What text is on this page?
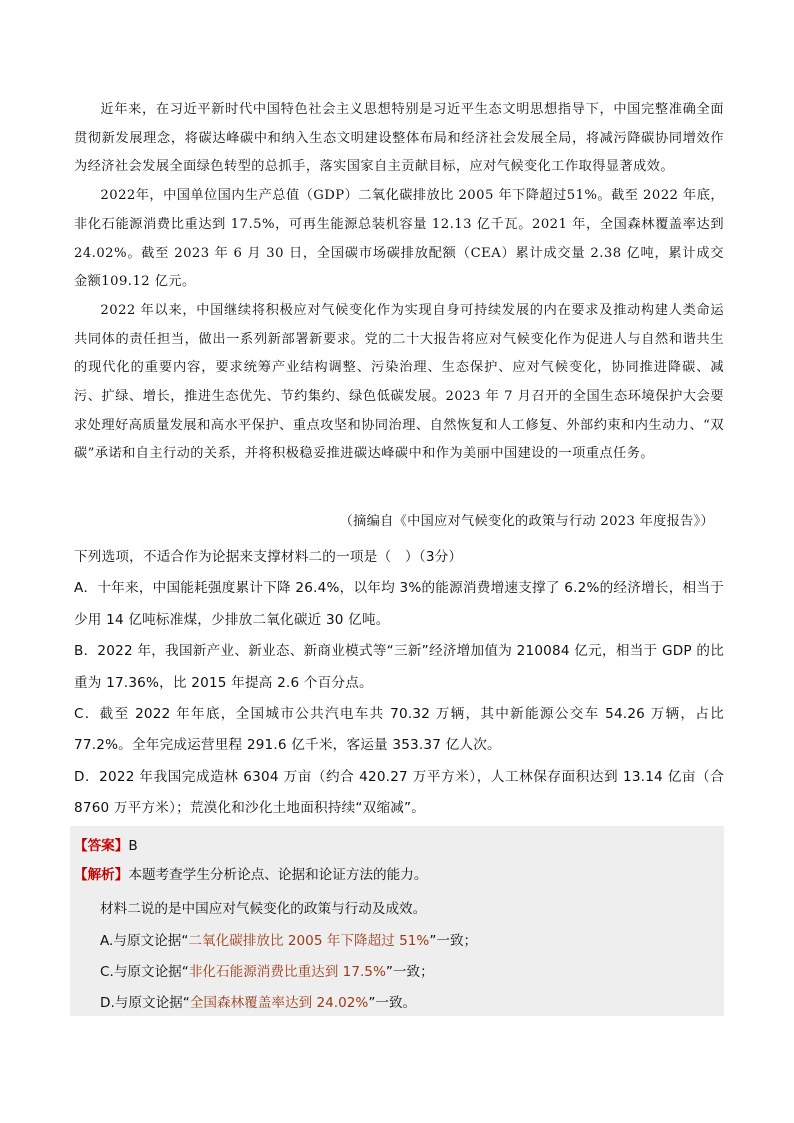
近年来，在习近平新时代中国特色社会主义思想特别是习近平生态文明思想指导下，中国完整准确全面贯彻新发展理念，将碳达峰碳中和纳入生态文明建设整体布局和经济社会发展全局，将减污降碳协同增效作为经济社会发展全面绿色转型的总抓手，落实国家自主贡献目标，应对气候变化工作取得显著成效。

2022年，中国单位国内生产总值（GDP）二氧化碳排放比 2005 年下降超过51%。截至 2022 年底，非化石能源消费比重达到 17.5%，可再生能源总装机容量 12.13 亿千瓦。2021 年，全国森林覆盖率达到24.02%。截至 2023 年 6 月 30 日，全国碳市场碳排放配额（CEA）累计成交量 2.38 亿吨，累计成交金额109.12 亿元。

2022 年以来，中国继续将积极应对气候变化作为实现自身可持续发展的内在要求及推动构建人类命运共同体的责任担当，做出一系列新部署新要求。党的二十大报告将应对气候变化作为促进人与自然和谐共生的现代化的重要内容，要求统筹产业结构调整、污染治理、生态保护、应对气候变化，协同推进降碳、减污、扩绿、增长，推进生态优先、节约集约、绿色低碳发展。2023 年 7 月召开的全国生态环境保护大会要求处理好高质量发展和高水平保护、重点攻坚和协同治理、自然恢复和人工修复、外部约束和内生动力、“双碳”承诺和自主行动的关系，并将积极稳妥推进碳达峰碳中和作为美丽中国建设的一项重点任务。

（摘编自《中国应对气候变化的政策与行动 2023 年度报告》）

下列选项，不适合作为论据来支撑材料二的一项是（　）（3分）

A．十年来，中国能耗强度累计下降 26.4%，以年均 3%的能源消费增速支撑了 6.2%的经济增长，相当于少用 14 亿吨标准煤，少排放二氧化碳近 30 亿吨。

B．2022 年，我国新产业、新业态、新商业模式等“三新”经济增加值为 210084 亿元，相当于 GDP 的比重为 17.36%，比 2015 年提高 2.6 个百分点。

C．截至 2022 年年底，全国城市公共汽电车共 70.32 万辆，其中新能源公交车 54.26 万辆，占比 77.2%。全年完成运营里程 291.6 亿千米，客运量 353.37 亿人次。

D．2022 年我国完成造林 6304 万亩（约合 420.27 万平方米），人工林保存面积达到 13.14 亿亩（合 8760 万平方米）；荒漠化和沙化土地面积持续“双缩减”。

【答案】B
【解析】本题考查学生分析论点、论据和论证方法的能力。
材料二说的是中国应对气候变化的政策与行动及成效。
A.与原文论据“二氧化碳排放比 2005 年下降超过 51%”一致；
C.与原文论据“非化石能源消费比重达到 17.5%”一致；
D.与原文论据“全国森林覆盖率达到 24.02%”一致。
